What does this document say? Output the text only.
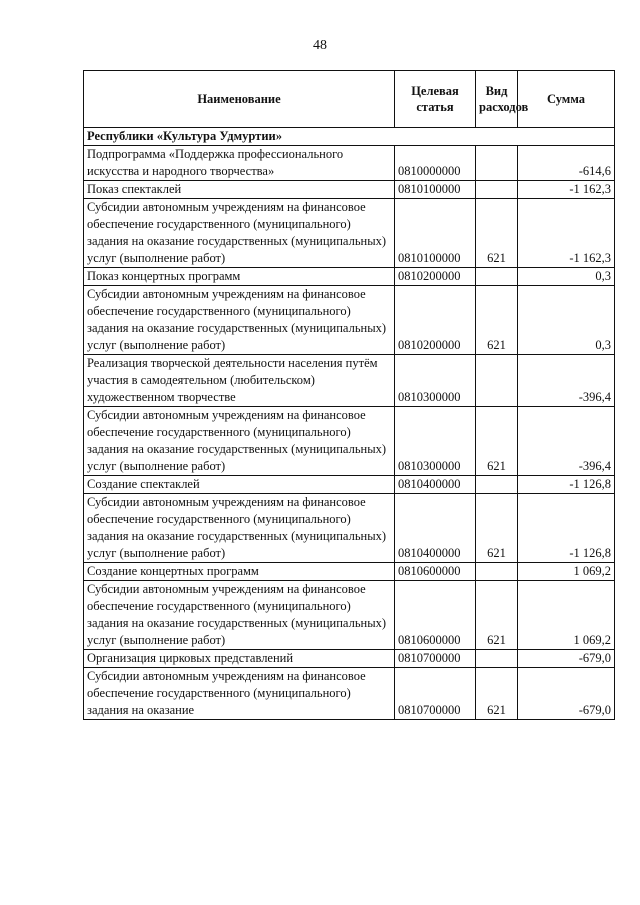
48
Наименование	Целевая статья	Вид расходов	Сумма
Республики «Культура Удмуртии»			
Подпрограмма «Поддержка профессионального искусства и народного творчества»	0810000000		-614,6
Показ спектаклей	0810100000		-1 162,3
Субсидии автономным учреждениям на финансовое обеспечение государственного (муниципального) задания на оказание государственных (муниципальных) услуг (выполнение работ)	0810100000	621	-1 162,3
Показ концертных программ	0810200000		0,3
Субсидии автономным учреждениям на финансовое обеспечение государственного (муниципального) задания на оказание государственных (муниципальных) услуг (выполнение работ)	0810200000	621	0,3
Реализация творческой деятельности населения путём участия в самодеятельном (любительском) художественном творчестве	0810300000		-396,4
Субсидии автономным учреждениям на финансовое обеспечение государственного (муниципального) задания на оказание государственных (муниципальных) услуг (выполнение работ)	0810300000	621	-396,4
Создание спектаклей	0810400000		-1 126,8
Субсидии автономным учреждениям на финансовое обеспечение государственного (муниципального) задания на оказание государственных (муниципальных) услуг (выполнение работ)	0810400000	621	-1 126,8
Создание концертных программ	0810600000		1 069,2
Субсидии автономным учреждениям на финансовое обеспечение государственного (муниципального) задания на оказание государственных (муниципальных) услуг (выполнение работ)	0810600000	621	1 069,2
Организация цирковых представлений	0810700000		-679,0
Субсидии автономным учреждениям на финансовое обеспечение государственного (муниципального) задания на оказание	0810700000	621	-679,0
